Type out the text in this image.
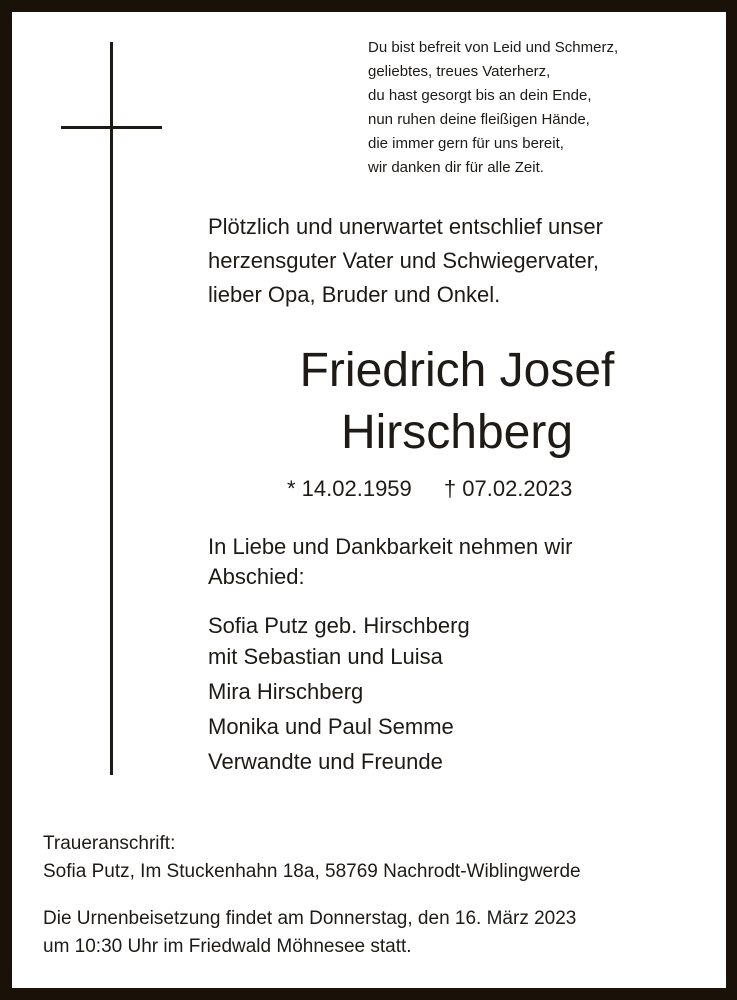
Du bist befreit von Leid und Schmerz,
geliebtes, treues Vaterherz,
du hast gesorgt bis an dein Ende,
nun ruhen deine fleißigen Hände,
die immer gern für uns bereit,
wir danken dir für alle Zeit.
Plötzlich und unerwartet entschlief unser
herzensguter Vater und Schwiegervater,
lieber Opa, Bruder und Onkel.
Friedrich Josef
Hirschberg
* 14.02.1959 † 07.02.2023
In Liebe und Dankbarkeit nehmen wir
Abschied:
Sofia Putz geb. Hirschberg
mit Sebastian und Luisa
Mira Hirschberg
Monika und Paul Semme
Verwandte und Freunde
Traueranschrift:
Sofia Putz, Im Stuckenhahn 18a, 58769 Nachrodt-Wiblingwerde
Die Urnenbeisetzung findet am Donnerstag, den 16. März 2023
um 10:30 Uhr im Friedwald Möhnesee statt.
